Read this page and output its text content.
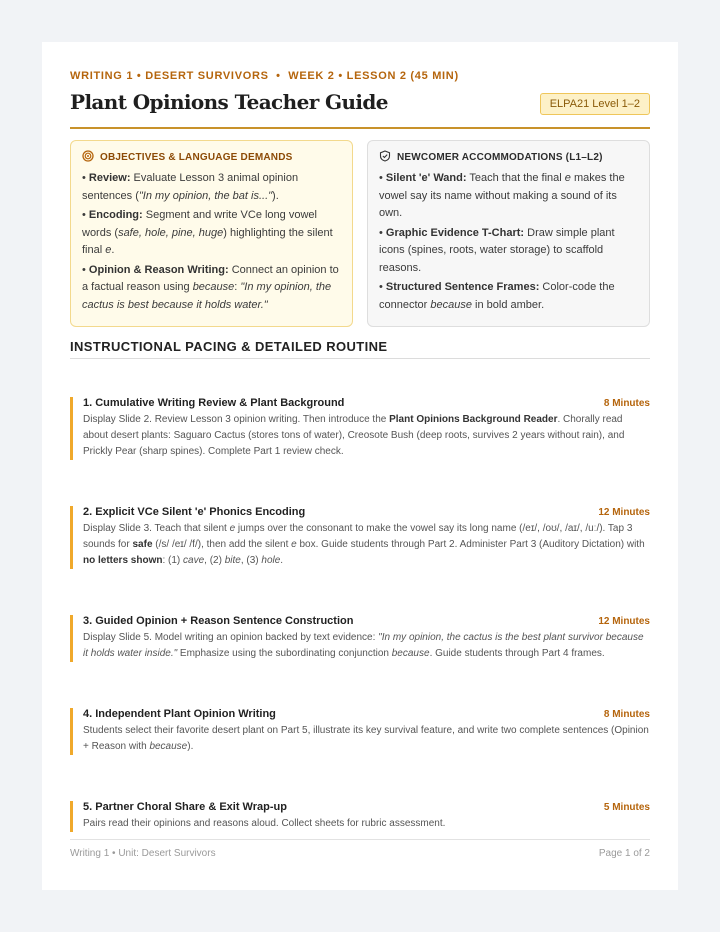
WRITING 1 • DESERT SURVIVORS  •  WEEK 2 • LESSON 2 (45 MIN)
Plant Opinions Teacher Guide	ELPA21 Level 1–2
OBJECTIVES & LANGUAGE DEMANDS
• Review: Evaluate Lesson 3 animal opinion sentences ("In my opinion, the bat is...").
• Encoding: Segment and write VCe long vowel words (safe, hole, pine, huge) highlighting the silent final e.
• Opinion & Reason Writing: Connect an opinion to a factual reason using because: "In my opinion, the cactus is best because it holds water."
NEWCOMER ACCOMMODATIONS (L1–L2)
• Silent 'e' Wand: Teach that the final e makes the vowel say its name without making a sound of its own.
• Graphic Evidence T-Chart: Draw simple plant icons (spines, roots, water storage) to scaffold reasons.
• Structured Sentence Frames: Color-code the connector because in bold amber.
INSTRUCTIONAL PACING & DETAILED ROUTINE
1. Cumulative Writing Review & Plant Background	8 Minutes
Display Slide 2. Review Lesson 3 opinion writing. Then introduce the Plant Opinions Background Reader. Chorally read about desert plants: Saguaro Cactus (stores tons of water), Creosote Bush (deep roots, survives 2 years without rain), and Prickly Pear (sharp spines). Complete Part 1 review check.
2. Explicit VCe Silent 'e' Phonics Encoding	12 Minutes
Display Slide 3. Teach that silent e jumps over the consonant to make the vowel say its long name (/eɪ/, /oʊ/, /aɪ/, /uː/). Tap 3 sounds for safe (/s/ /eɪ/ /f/), then add the silent e box. Guide students through Part 2. Administer Part 3 (Auditory Dictation) with no letters shown: (1) cave, (2) bite, (3) hole.
3. Guided Opinion + Reason Sentence Construction	12 Minutes
Display Slide 5. Model writing an opinion backed by text evidence: "In my opinion, the cactus is the best plant survivor because it holds water inside." Emphasize using the subordinating conjunction because. Guide students through Part 4 frames.
4. Independent Plant Opinion Writing	8 Minutes
Students select their favorite desert plant on Part 5, illustrate its key survival feature, and write two complete sentences (Opinion + Reason with because).
5. Partner Choral Share & Exit Wrap-up	5 Minutes
Pairs read their opinions and reasons aloud. Collect sheets for rubric assessment.
Writing 1 • Unit: Desert Survivors	Page 1 of 2
